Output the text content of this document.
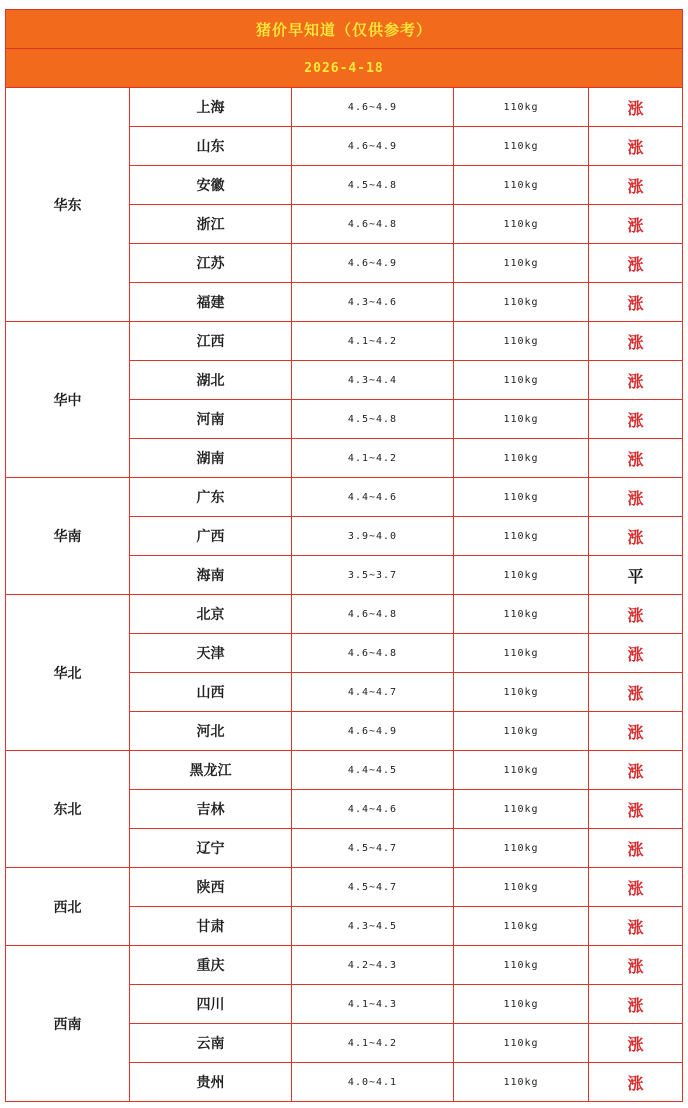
猪价早知道（仅供参考）				
2026-4-18				
华东	上海	4.6~4.9	110kg	涨
	山东	4.6~4.9	110kg	涨
	安徽	4.5~4.8	110kg	涨
	浙江	4.6~4.8	110kg	涨
	江苏	4.6~4.9	110kg	涨
	福建	4.3~4.6	110kg	涨
华中	江西	4.1~4.2	110kg	涨
	湖北	4.3~4.4	110kg	涨
	河南	4.5~4.8	110kg	涨
	湖南	4.1~4.2	110kg	涨
华南	广东	4.4~4.6	110kg	涨
	广西	3.9~4.0	110kg	涨
	海南	3.5~3.7	110kg	平
华北	北京	4.6~4.8	110kg	涨
	天津	4.6~4.8	110kg	涨
	山西	4.4~4.7	110kg	涨
	河北	4.6~4.9	110kg	涨
东北	黑龙江	4.4~4.5	110kg	涨
	吉林	4.4~4.6	110kg	涨
	辽宁	4.5~4.7	110kg	涨
西北	陕西	4.5~4.7	110kg	涨
	甘肃	4.3~4.5	110kg	涨
西南	重庆	4.2~4.3	110kg	涨
	四川	4.1~4.3	110kg	涨
	云南	4.1~4.2	110kg	涨
	贵州	4.0~4.1	110kg	涨
